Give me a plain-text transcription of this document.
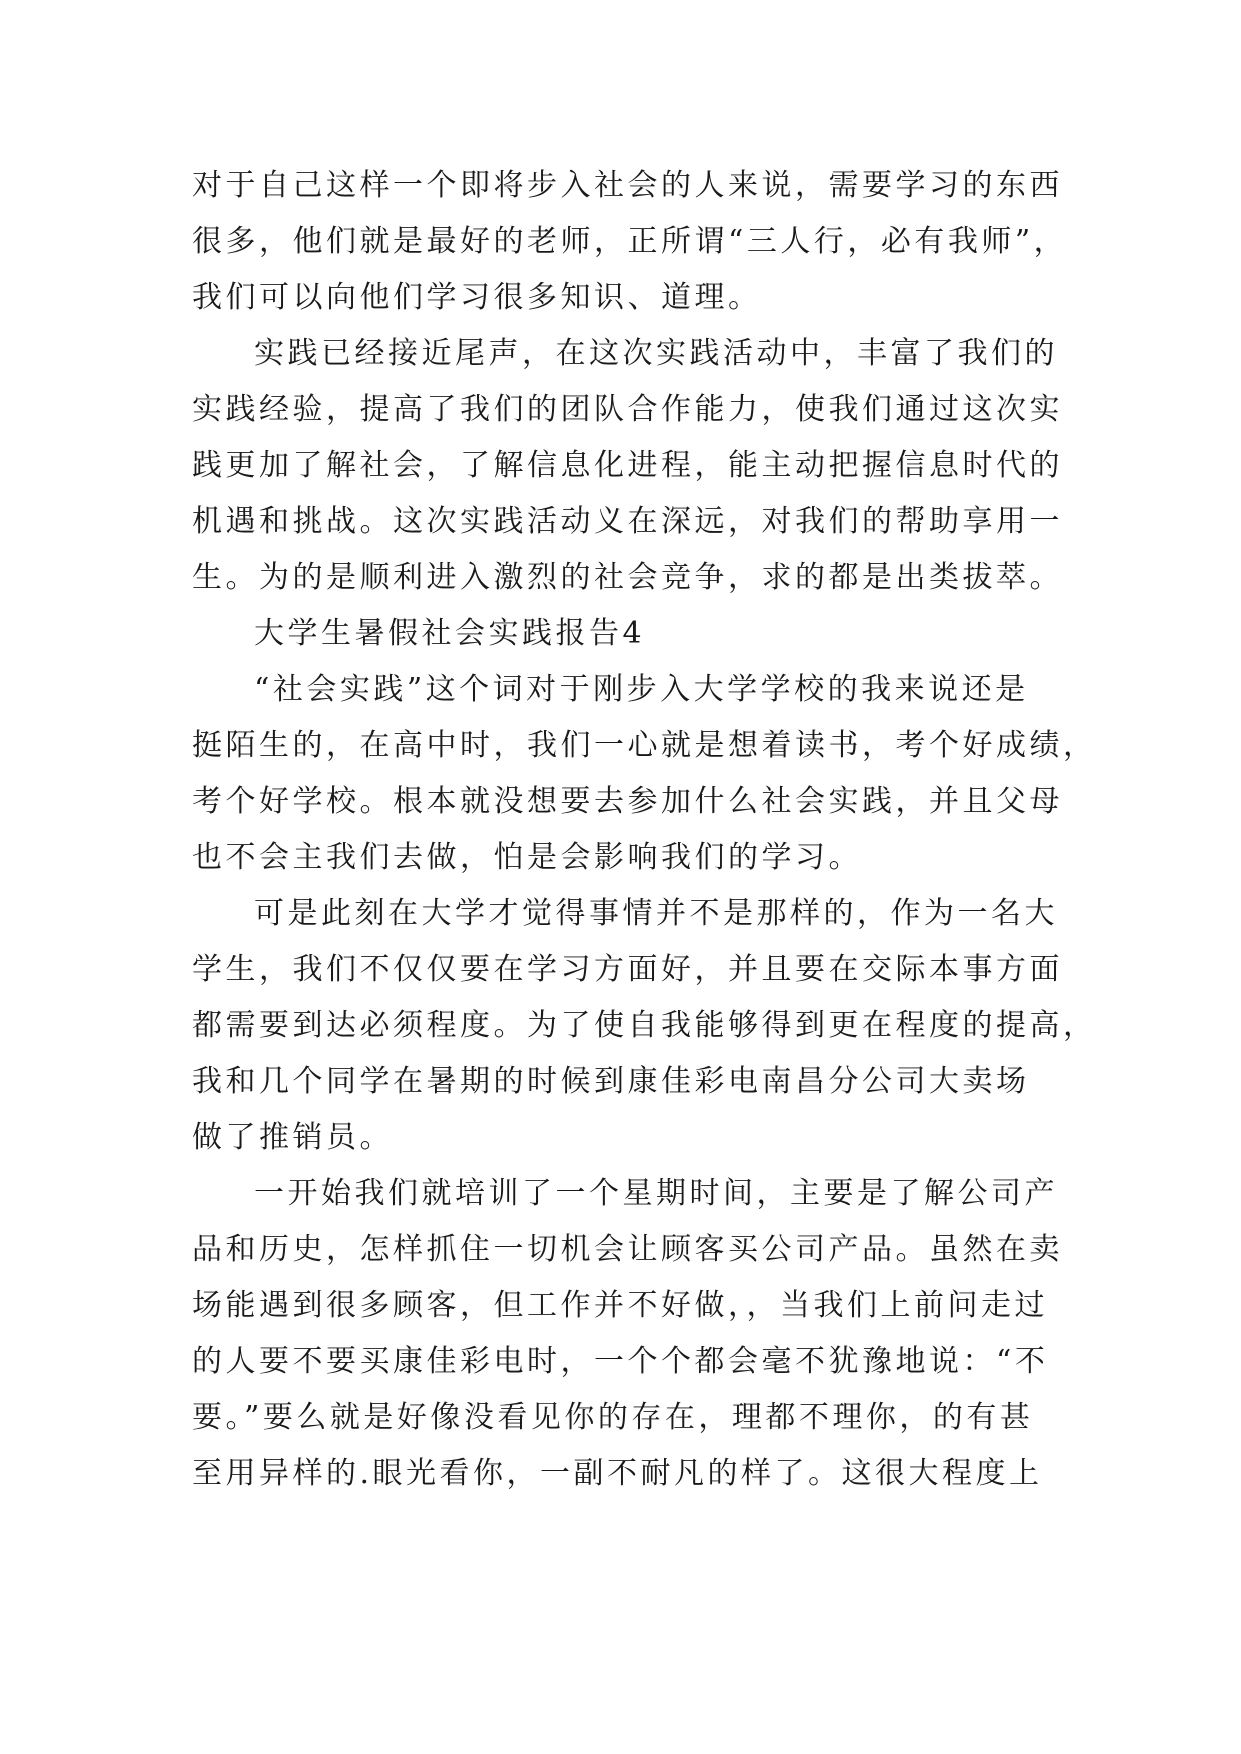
对于自己这样一个即将步入社会的人来说，需要学习的东西
很多，他们就是最好的老师，正所谓“三人行，必有我师”，
我们可以向他们学习很多知识、道理。
实践已经接近尾声，在这次实践活动中，丰富了我们的
实践经验，提高了我们的团队合作能力，使我们通过这次实
践更加了解社会，了解信息化进程，能主动把握信息时代的
机遇和挑战。这次实践活动义在深远，对我们的帮助享用一
生。为的是顺利进入激烈的社会竞争，求的都是出类拔萃。
大学生暑假社会实践报告4
“社会实践”这个词对于刚步入大学学校的我来说还是
挺陌生的，在高中时，我们一心就是想着读书，考个好成绩，
考个好学校。根本就没想要去参加什么社会实践，并且父母
也不会主我们去做，怕是会影响我们的学习。
可是此刻在大学才觉得事情并不是那样的，作为一名大
学生，我们不仅仅要在学习方面好，并且要在交际本事方面
都需要到达必须程度。为了使自我能够得到更在程度的提高，
我和几个同学在暑期的时候到康佳彩电南昌分公司大卖场
做了推销员。
一开始我们就培训了一个星期时间，主要是了解公司产
品和历史，怎样抓住一切机会让顾客买公司产品。虽然在卖
场能遇到很多顾客，但工作并不好做，，当我们上前问走过
的人要不要买康佳彩电时，一个个都会毫不犹豫地说：“不
要。”要么就是好像没看见你的存在，理都不理你，的有甚
至用异样的.眼光看你，一副不耐凡的样了。这很大程度上
